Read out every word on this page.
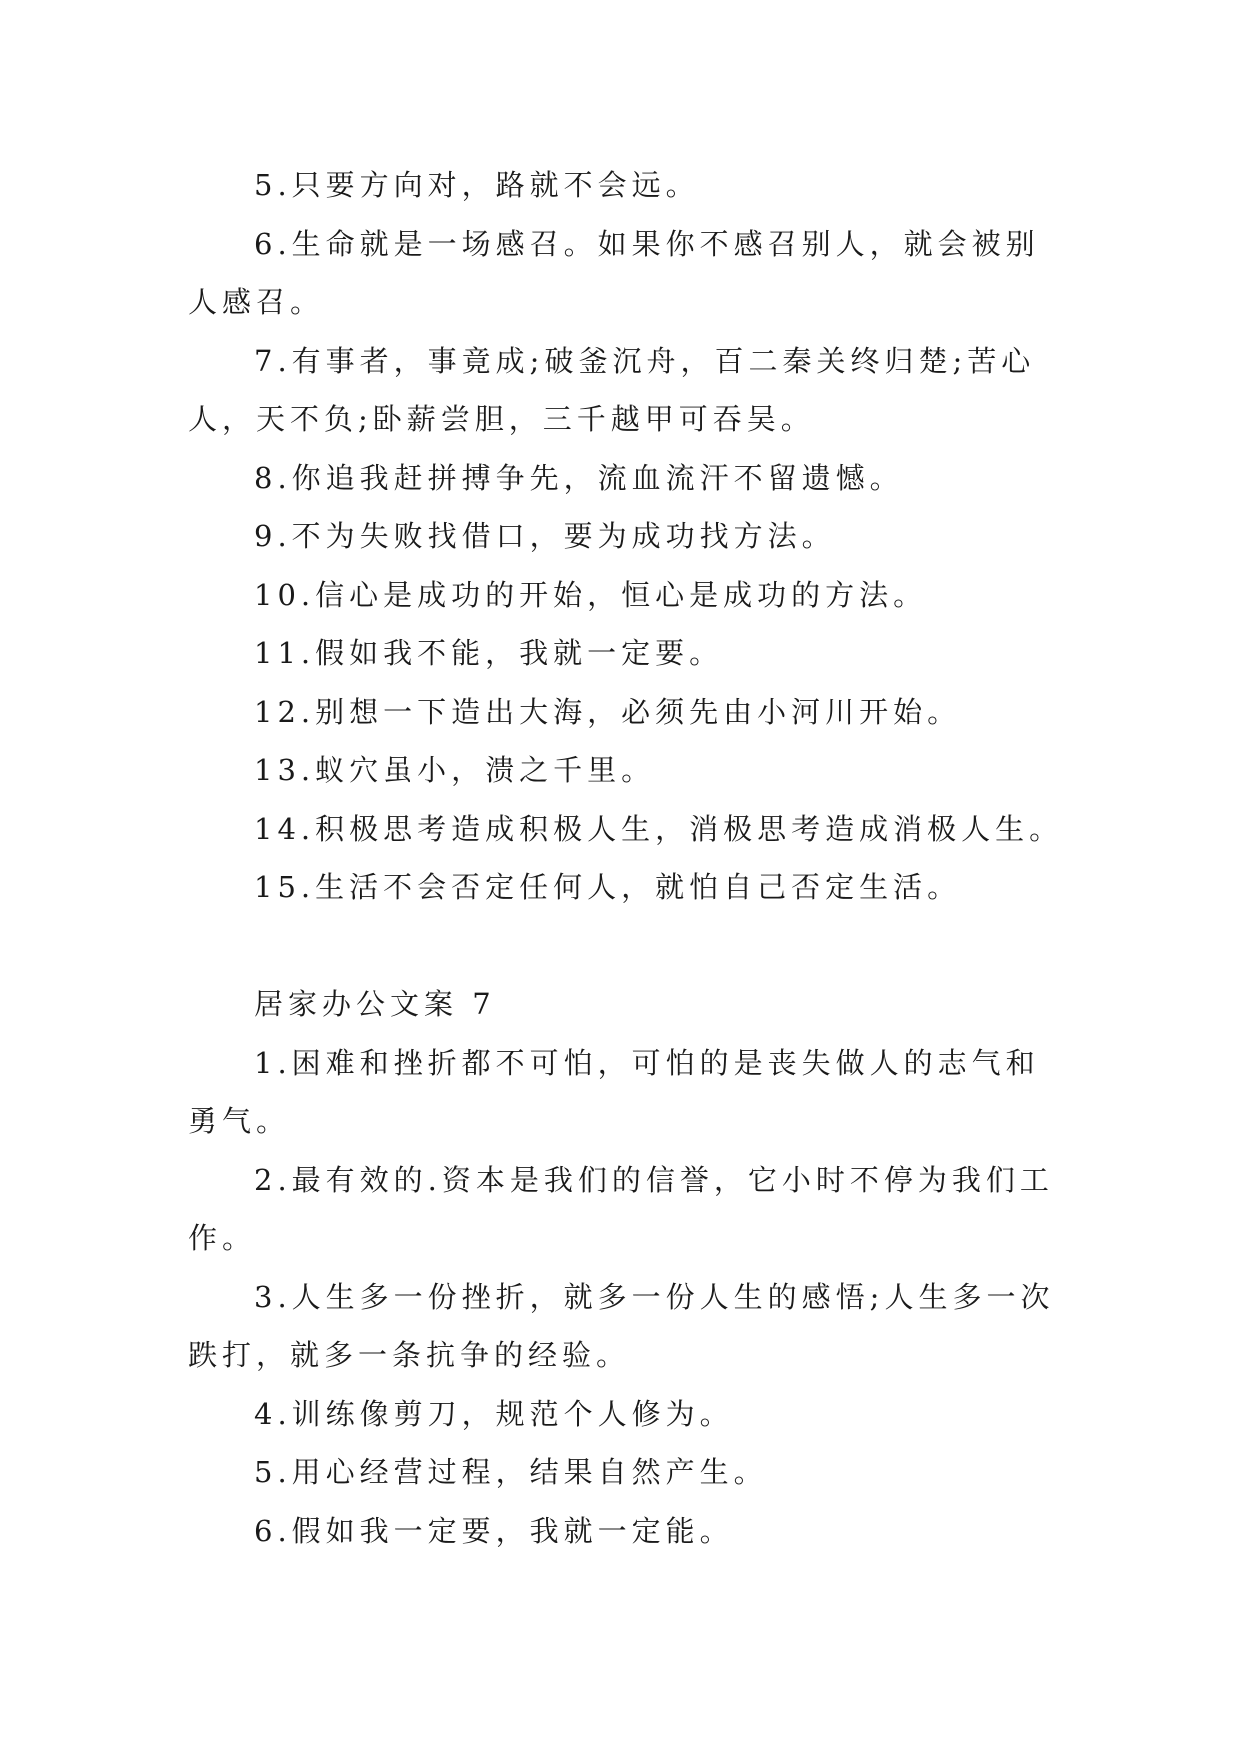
5.只要方向对，路就不会远。

6.生命就是一场感召。如果你不感召别人，就会被别人感召。

7.有事者，事竟成;破釜沉舟，百二秦关终归楚;苦心人，天不负;卧薪尝胆，三千越甲可吞吴。

8.你追我赶拼搏争先，流血流汗不留遗憾。

9.不为失败找借口，要为成功找方法。

10.信心是成功的开始，恒心是成功的方法。

11.假如我不能，我就一定要。

12.别想一下造出大海，必须先由小河川开始。

13.蚁穴虽小，溃之千里。

14.积极思考造成积极人生，消极思考造成消极人生。

15.生活不会否定任何人，就怕自己否定生活。

居家办公文案 7

1.困难和挫折都不可怕，可怕的是丧失做人的志气和勇气。

2.最有效的.资本是我们的信誉，它小时不停为我们工作。

3.人生多一份挫折，就多一份人生的感悟;人生多一次跌打，就多一条抗争的经验。

4.训练像剪刀，规范个人修为。

5.用心经营过程，结果自然产生。

6.假如我一定要，我就一定能。
